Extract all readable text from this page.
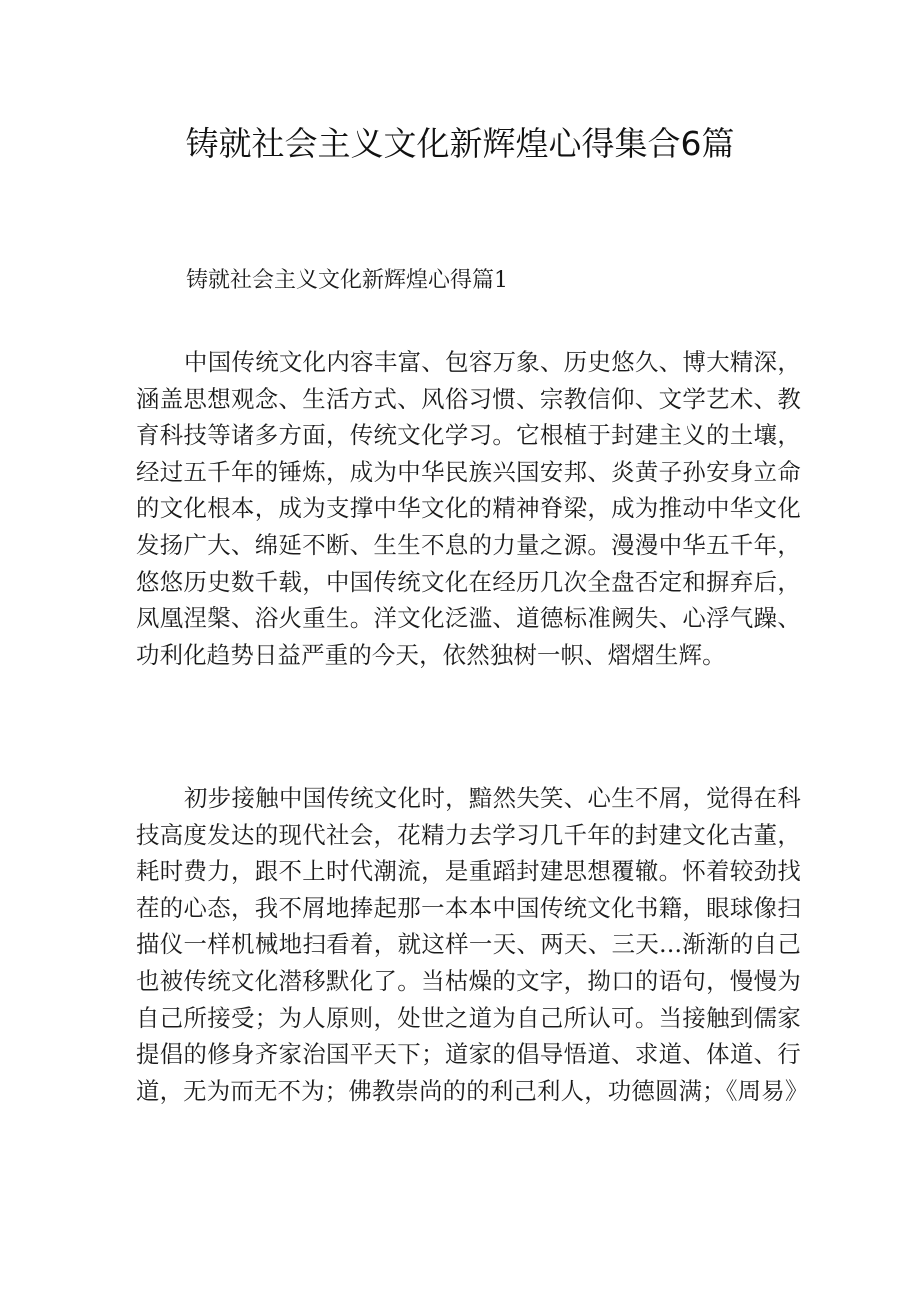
铸就社会主义文化新辉煌心得集合6篇
铸就社会主义文化新辉煌心得篇1

中国传统文化内容丰富、包容万象、历史悠久、博大精深，涵盖思想观念、生活方式、风俗习惯、宗教信仰、文学艺术、教育科技等诸多方面，传统文化学习。它根植于封建主义的土壤，经过五千年的锤炼，成为中华民族兴国安邦、炎黄子孙安身立命的文化根本，成为支撑中华文化的精神脊梁，成为推动中华文化发扬广大、绵延不断、生生不息的力量之源。漫漫中华五千年，悠悠历史数千载，中国传统文化在经历几次全盘否定和摒弃后，凤凰涅槃、浴火重生。洋文化泛滥、道德标准阙失、心浮气躁、功利化趋势日益严重的今天，依然独树一帜、熠熠生辉。

初步接触中国传统文化时，黯然失笑、心生不屑，觉得在科技高度发达的现代社会，花精力去学习几千年的封建文化古董，耗时费力，跟不上时代潮流，是重蹈封建思想覆辙。怀着较劲找茬的心态，我不屑地捧起那一本本中国传统文化书籍，眼球像扫描仪一样机械地扫看着，就这样一天、两天、三天...渐渐的自己也被传统文化潜移默化了。当枯燥的文字，拗口的语句，慢慢为自己所接受；为人原则，处世之道为自己所认可。当接触到儒家提倡的修身齐家治国平天下；道家的倡导悟道、求道、体道、行道，无为而无不为；佛教崇尚的的利己利人，功德圆满；《周易》
